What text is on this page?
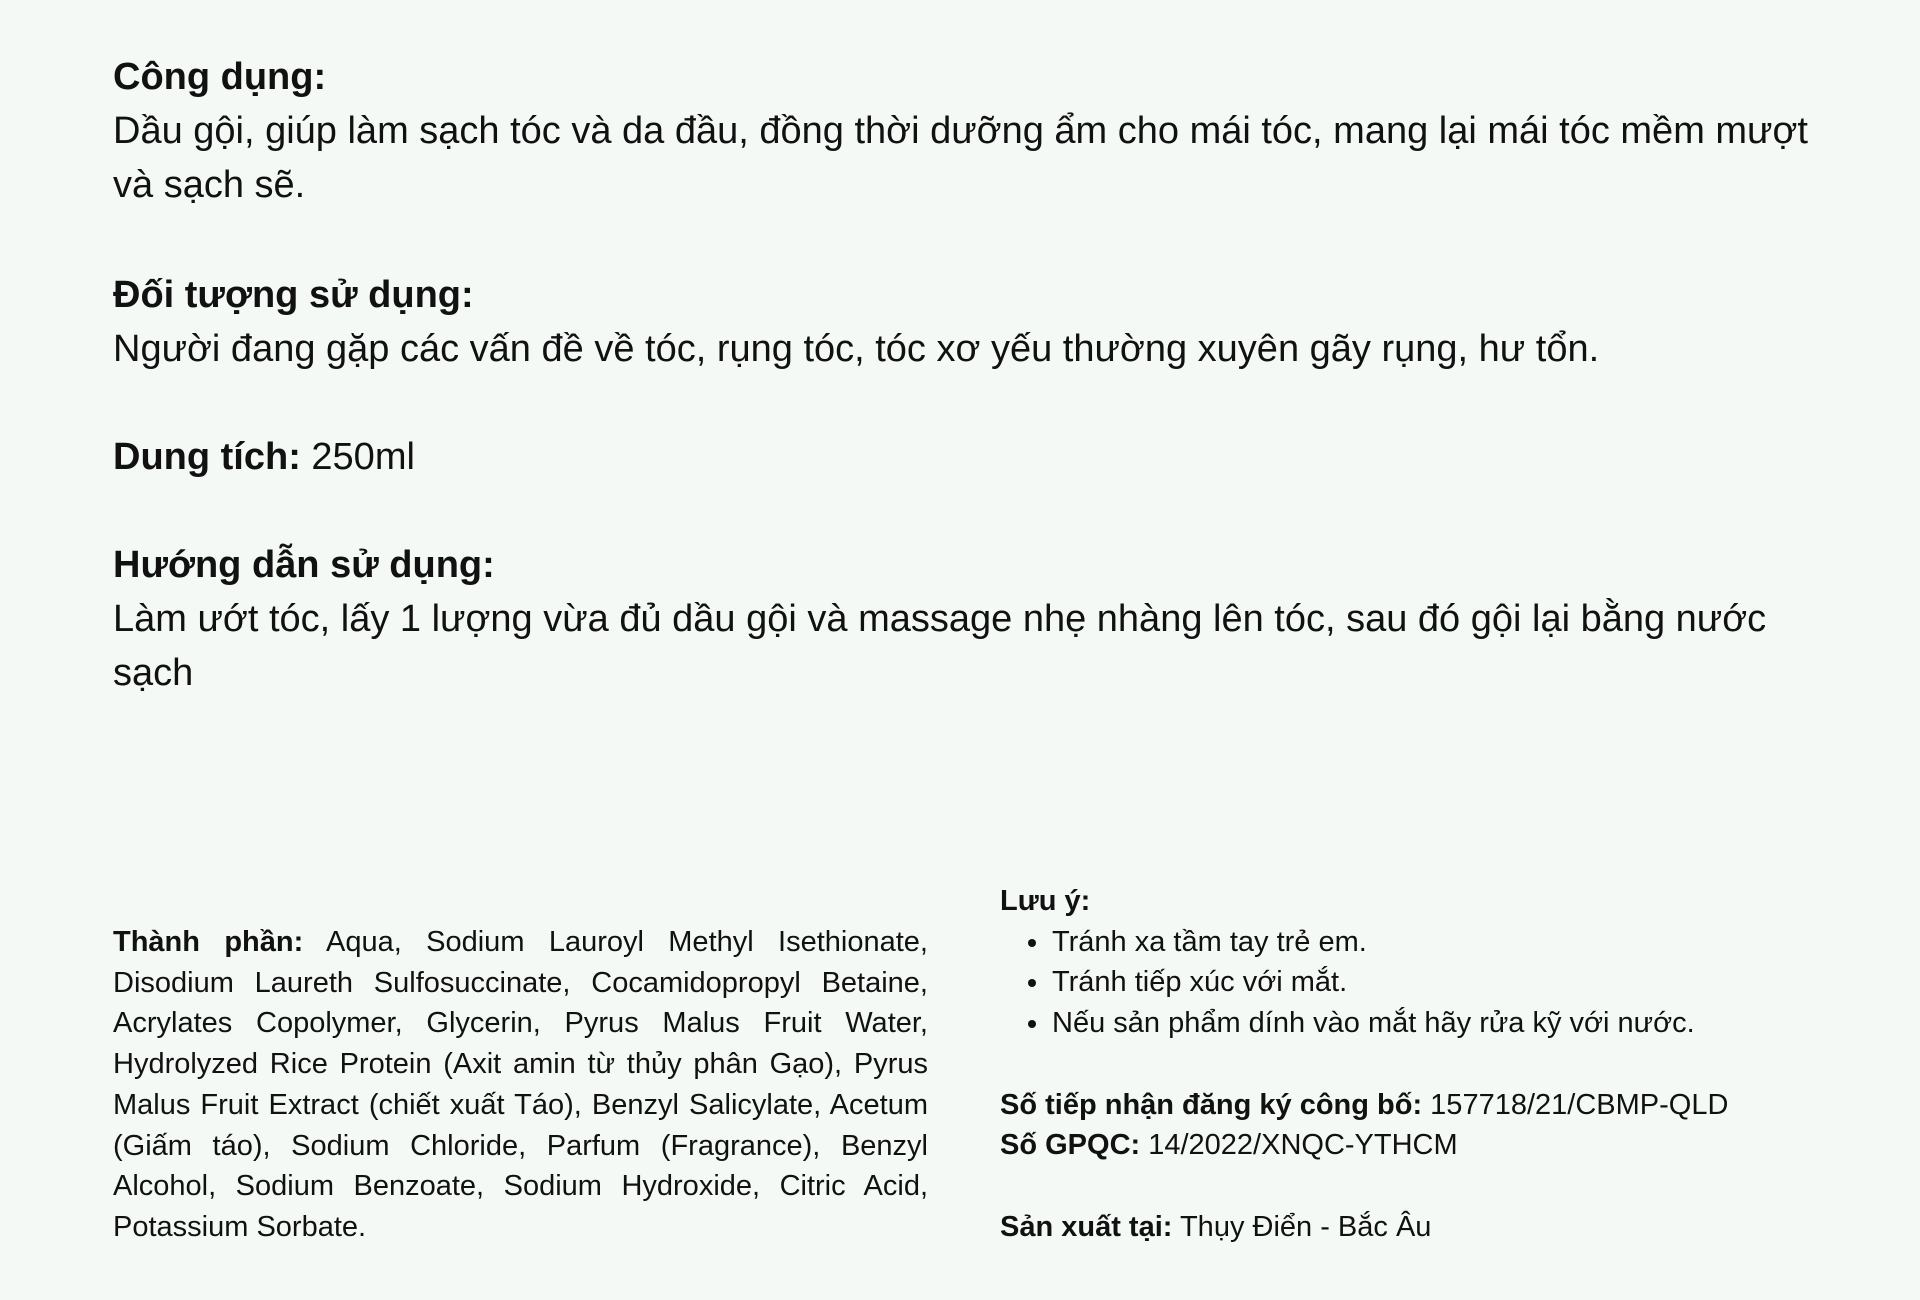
Công dụng:

Dầu gội, giúp làm sạch tóc và da đầu, đồng thời dưỡng ẩm cho mái tóc, mang lại mái tóc mềm mượt và sạch sẽ.

Đối tượng sử dụng:

Người đang gặp các vấn đề về tóc, rụng tóc, tóc xơ yếu thường xuyên gãy rụng, hư tổn.

Dung tích: 250ml

Hướng dẫn sử dụng:

Làm ướt tóc, lấy 1 lượng vừa đủ dầu gội và massage nhẹ nhàng lên tóc, sau đó gội lại bằng nước sạch

Thành phần: Aqua, Sodium Lauroyl Methyl Isethionate, Disodium Laureth Sulfosuccinate, Cocamidopropyl Betaine, Acrylates Copolymer, Glycerin, Pyrus Malus Fruit Water, Hydrolyzed Rice Protein (Axit amin từ thủy phân Gạo), Pyrus Malus Fruit Extract (chiết xuất Táo), Benzyl Salicylate, Acetum (Giấm táo), Sodium Chloride, Parfum (Fragrance), Benzyl Alcohol, Sodium Benzoate, Sodium Hydroxide, Citric Acid, Potassium Sorbate.

Lưu ý:

Tránh xa tầm tay trẻ em.
Tránh tiếp xúc với mắt.
Nếu sản phẩm dính vào mắt hãy rửa kỹ với nước.

Số tiếp nhận đăng ký công bố: 157718/21/CBMP-QLD

Số GPQC: 14/2022/XNQC-YTHCM

Sản xuất tại: Thụy Điển - Bắc Âu
